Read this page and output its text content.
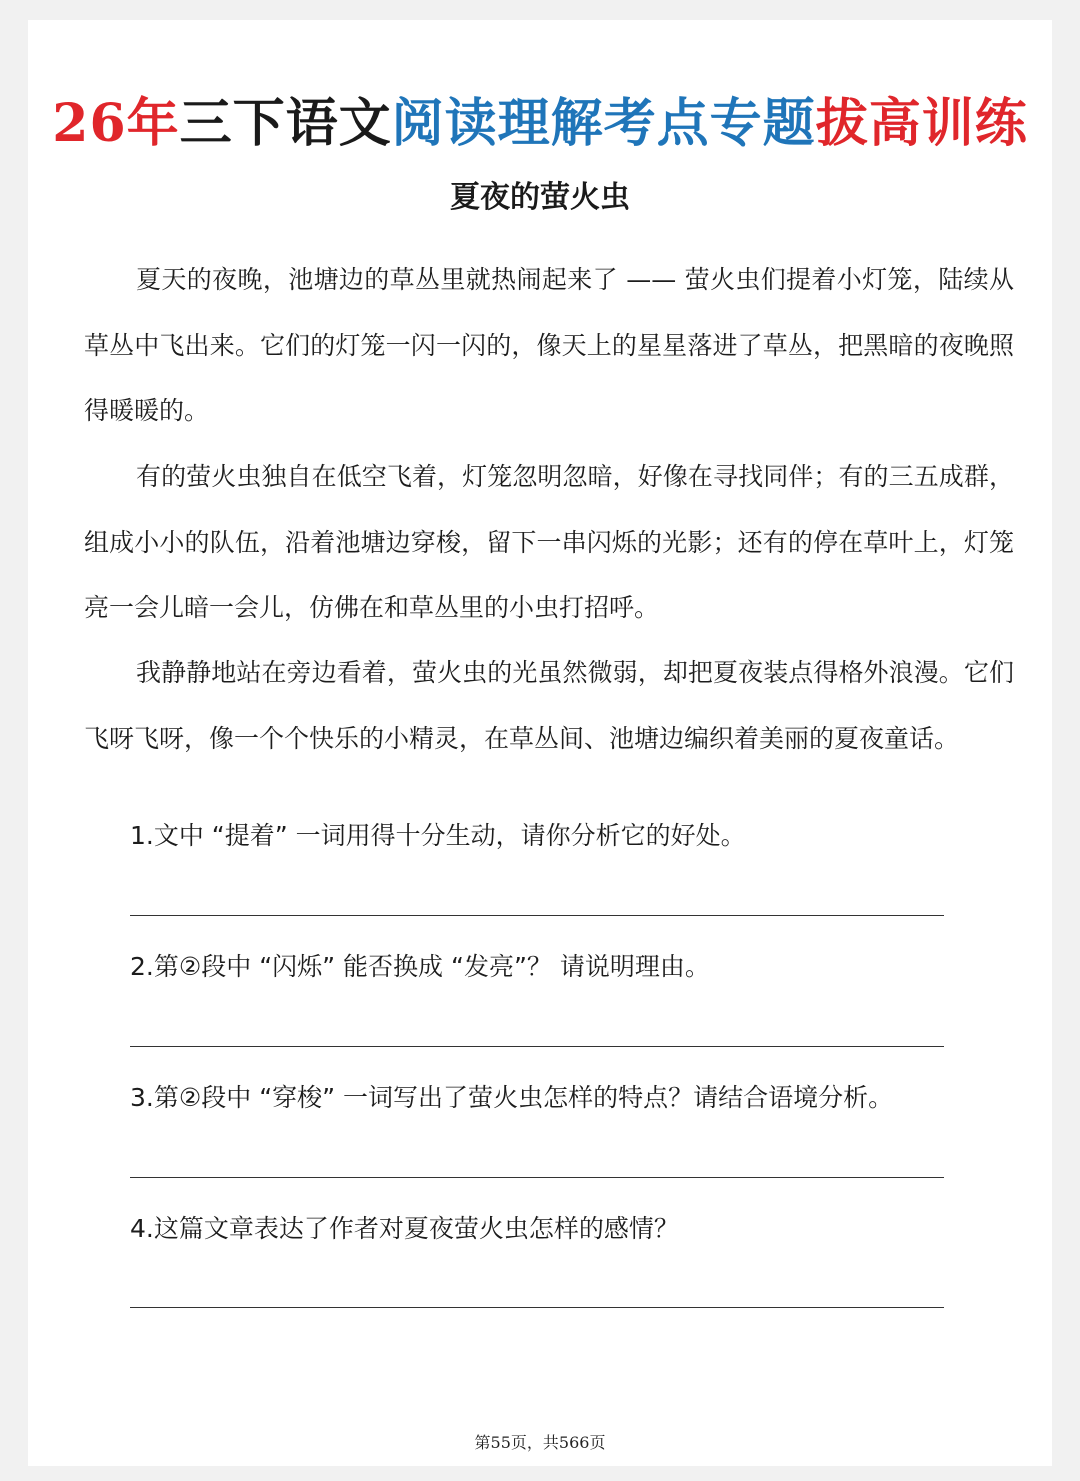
26年三下语文阅读理解考点专题拔高训练
夏夜的萤火虫

夏天的夜晚，池塘边的草丛里就热闹起来了 —— 萤火虫们提着小灯笼，陆续从草丛中飞出来。它们的灯笼一闪一闪的，像天上的星星落进了草丛，把黑暗的夜晚照得暖暖的。

有的萤火虫独自在低空飞着，灯笼忽明忽暗，好像在寻找同伴；有的三五成群，组成小小的队伍，沿着池塘边穿梭，留下一串闪烁的光影；还有的停在草叶上，灯笼亮一会儿暗一会儿，仿佛在和草丛里的小虫打招呼。

我静静地站在旁边看着，萤火虫的光虽然微弱，却把夏夜装点得格外浪漫。它们飞呀飞呀，像一个个快乐的小精灵，在草丛间、池塘边编织着美丽的夏夜童话。

1.文中 “提着” 一词用得十分生动，请你分析它的好处。
2.第②段中 “闪烁” 能否换成 “发亮”？ 请说明理由。
3.第②段中 “穿梭” 一词写出了萤火虫怎样的特点？请结合语境分析。
4.这篇文章表达了作者对夏夜萤火虫怎样的感情？
第55页，共566页
